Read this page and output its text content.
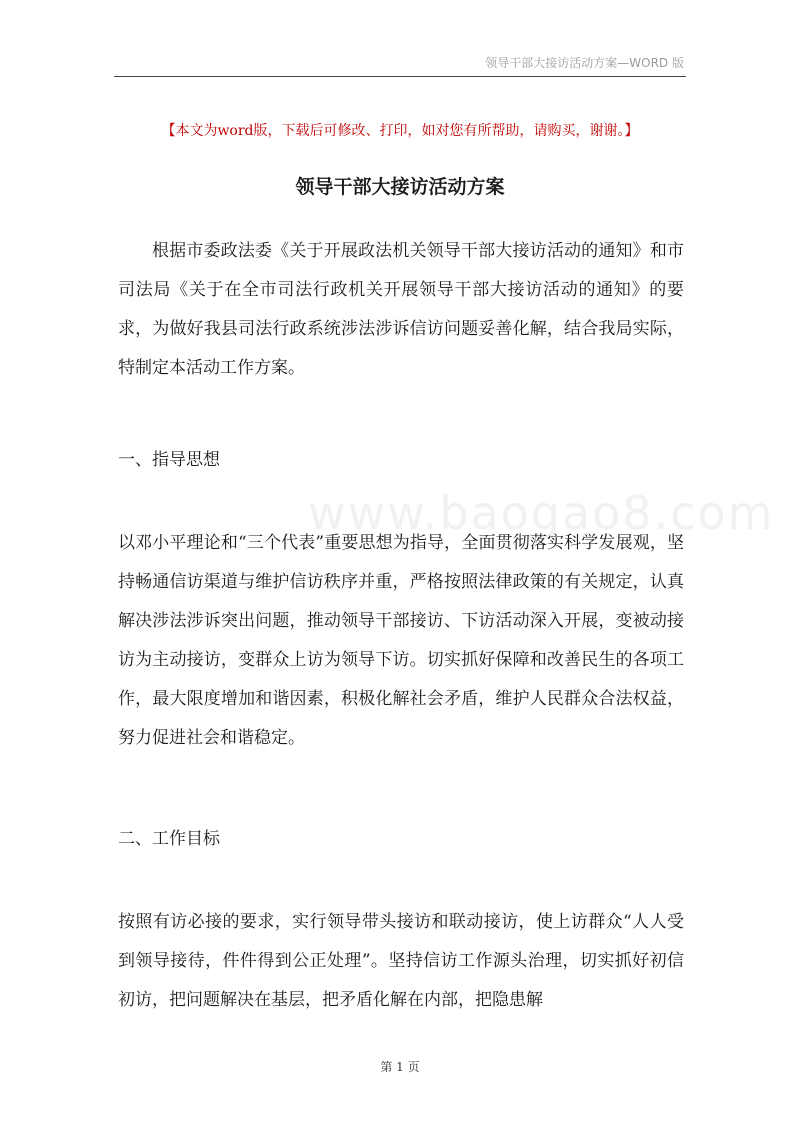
领导干部大接访活动方案—WORD 版
www.baogao8.com
【本文为word版，下载后可修改、打印，如对您有所帮助，请购买，谢谢。】
领导干部大接访活动方案

根据市委政法委《关于开展政法机关领导干部大接访活动的通知》和市司法局《关于在全市司法行政机关开展领导干部大接访活动的通知》的要求，为做好我县司法行政系统涉法涉诉信访问题妥善化解，结合我局实际，特制定本活动工作方案。

一、指导思想

以邓小平理论和“三个代表”重要思想为指导，全面贯彻落实科学发展观，坚持畅通信访渠道与维护信访秩序并重，严格按照法律政策的有关规定，认真解决涉法涉诉突出问题，推动领导干部接访、下访活动深入开展，变被动接访为主动接访，变群众上访为领导下访。切实抓好保障和改善民生的各项工作，最大限度增加和谐因素，积极化解社会矛盾，维护人民群众合法权益，努力促进社会和谐稳定。

二、工作目标

按照有访必接的要求，实行领导带头接访和联动接访，使上访群众“人人受到领导接待，件件得到公正处理”。坚持信访工作源头治理，切实抓好初信初访，把问题解决在基层，把矛盾化解在内部，把隐患解

第 1 页
